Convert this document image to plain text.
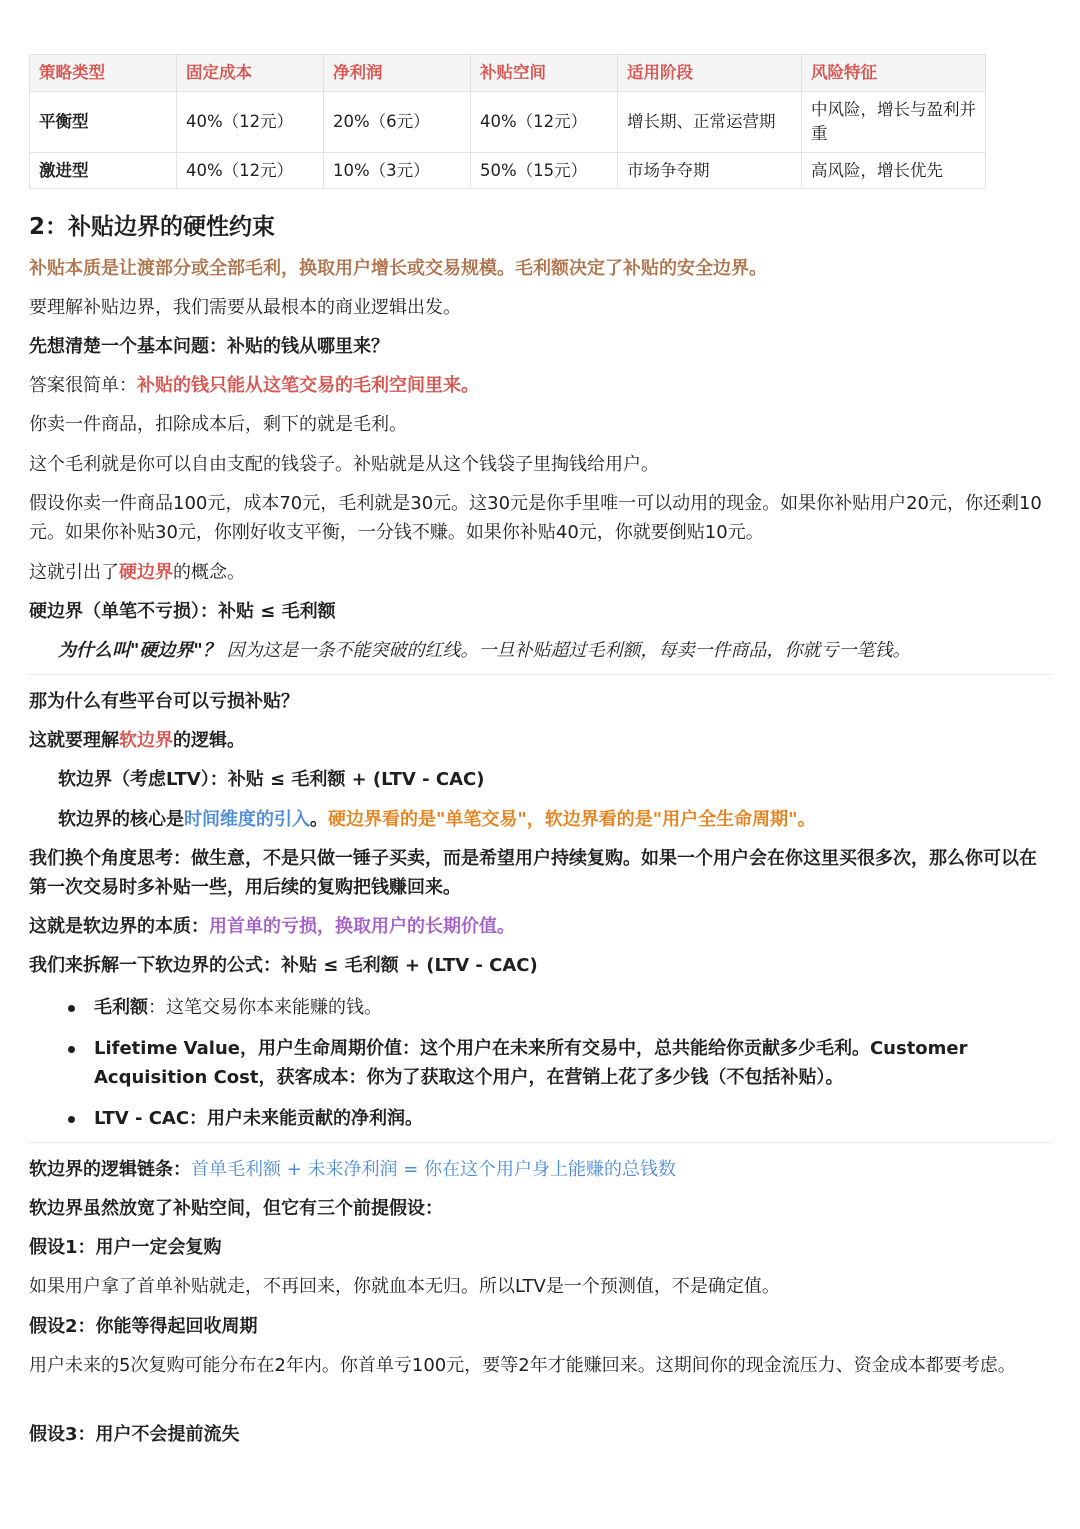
策略类型	固定成本	净利润	补贴空间	适用阶段	风险特征
平衡型	40%（12元）	20%（6元）	40%（12元）	增长期、正常运营期	中风险，增长与盈利并重
激进型	40%（12元）	10%（3元）	50%（15元）	市场争夺期	高风险，增长优先
2：补贴边界的硬性约束
补贴本质是让渡部分或全部毛利，换取用户增长或交易规模。毛利额决定了补贴的安全边界。
要理解补贴边界，我们需要从最根本的商业逻辑出发。
先想清楚一个基本问题：补贴的钱从哪里来？
答案很简单：补贴的钱只能从这笔交易的毛利空间里来。
你卖一件商品，扣除成本后，剩下的就是毛利。
这个毛利就是你可以自由支配的钱袋子。补贴就是从这个钱袋子里掏钱给用户。
假设你卖一件商品100元，成本70元，毛利就是30元。这30元是你手里唯一可以动用的现金。如果你补贴用户20元，你还剩10元。如果你补贴30元，你刚好收支平衡，一分钱不赚。如果你补贴40元，你就要倒贴10元。
这就引出了硬边界的概念。
硬边界（单笔不亏损）：补贴 ≤ 毛利额
为什么叫"硬边界"？ 因为这是一条不能突破的红线。一旦补贴超过毛利额，每卖一件商品，你就亏一笔钱。
那为什么有些平台可以亏损补贴？
这就要理解软边界的逻辑。
软边界（考虑LTV）：补贴 ≤ 毛利额 + (LTV - CAC)
软边界的核心是时间维度的引入。硬边界看的是"单笔交易"，软边界看的是"用户全生命周期"。
我们换个角度思考：做生意，不是只做一锤子买卖，而是希望用户持续复购。如果一个用户会在你这里买很多次，那么你可以在第一次交易时多补贴一些，用后续的复购把钱赚回来。
这就是软边界的本质：用首单的亏损，换取用户的长期价值。
我们来拆解一下软边界的公式：补贴 ≤ 毛利额 + (LTV - CAC)
毛利额：这笔交易你本来能赚的钱。
Lifetime Value，用户生命周期价值：这个用户在未来所有交易中，总共能给你贡献多少毛利。Customer Acquisition Cost，获客成本：你为了获取这个用户，在营销上花了多少钱（不包括补贴）。
LTV - CAC：用户未来能贡献的净利润。
软边界的逻辑链条：首单毛利额 + 未来净利润 = 你在这个用户身上能赚的总钱数
软边界虽然放宽了补贴空间，但它有三个前提假设：
假设1：用户一定会复购
如果用户拿了首单补贴就走，不再回来，你就血本无归。所以LTV是一个预测值，不是确定值。
假设2：你能等得起回收周期
用户未来的5次复购可能分布在2年内。你首单亏100元，要等2年才能赚回来。这期间你的现金流压力、资金成本都要考虑。
假设3：用户不会提前流失
